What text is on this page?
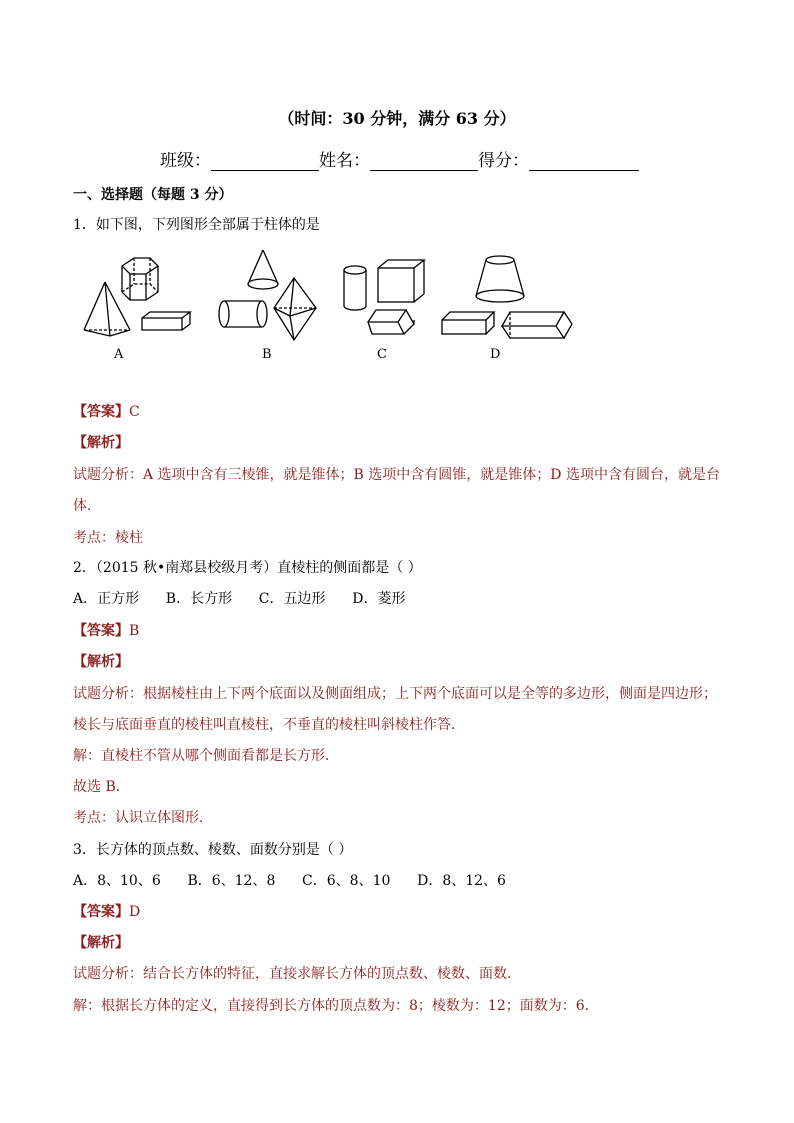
（时间：30 分钟，满分 63 分）
班级：	姓名：	得分：
一、选择题（每题 3 分）
1．如下图，下列图形全部属于柱体的是
A	B	C	D
【答案】C
【解析】
试题分析：A 选项中含有三棱锥，就是锥体；B 选项中含有圆锥，就是锥体；D 选项中含有圆台，就是台
体．
考点：棱柱
2．（2015 秋•南郑县校级月考）直棱柱的侧面都是（ ）
A．正方形      B．长方形      C．五边形      D．菱形
【答案】B
【解析】
试题分析：根据棱柱由上下两个底面以及侧面组成；上下两个底面可以是全等的多边形，侧面是四边形；
棱长与底面垂直的棱柱叫直棱柱，不垂直的棱柱叫斜棱柱作答．
解：直棱柱不管从哪个侧面看都是长方形．
故选 B．
考点：认识立体图形．
3．长方体的顶点数、棱数、面数分别是（ ）
A．8、10、6      B．6、12、8      C．6、8、10      D．8、12、6
【答案】D
【解析】
试题分析：结合长方体的特征，直接求解长方体的顶点数、棱数、面数．
解：根据长方体的定义，直接得到长方体的顶点数为：8；棱数为：12；面数为：6．
